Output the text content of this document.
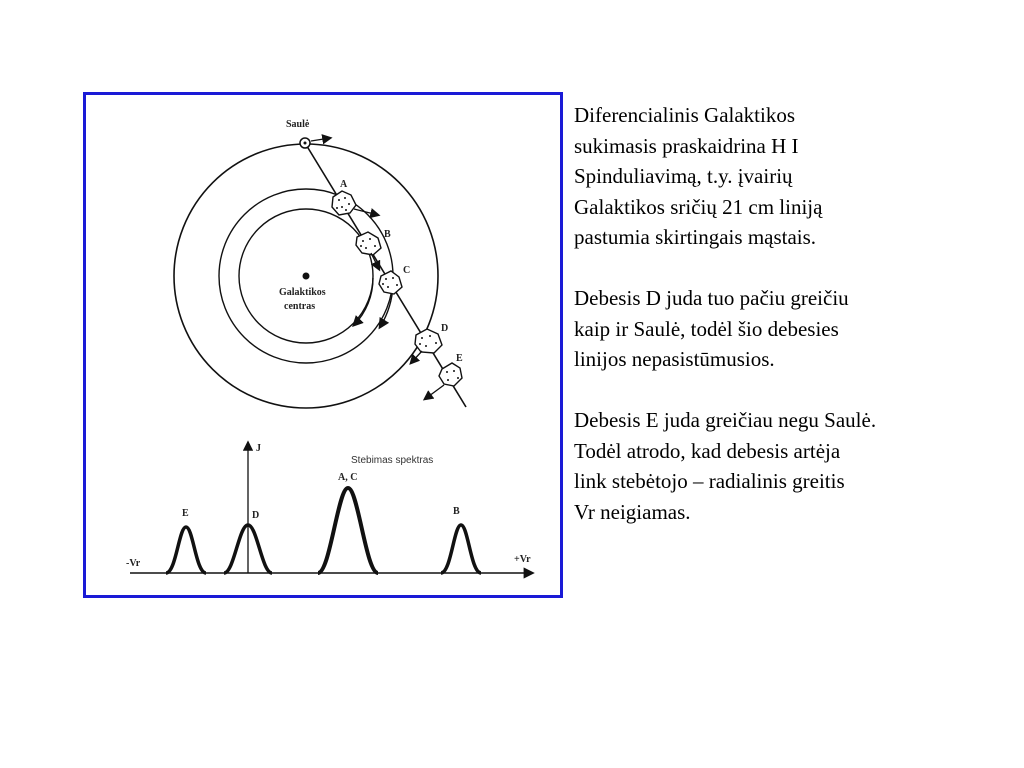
Galaktikos
centras
Saulė
A
B
C
D
E
Stebimas spektras
J
-Vr	+Vr
E	D
A, C
B

Diferencialinis Galaktikos
sukimasis praskaidrina H I
Spinduliavimą, t.y. įvairių
Galaktikos sričių 21 cm liniją
pastumia skirtingais mąstais.

Debesis D juda tuo pačiu greičiu
kaip ir Saulė, todėl šio debesies
linijos nepasistūmusios.

Debesis E juda greičiau negu Saulė.
Todėl atrodo, kad debesis artėja
link stebėtojo – radialinis greitis
Vr neigiamas.
